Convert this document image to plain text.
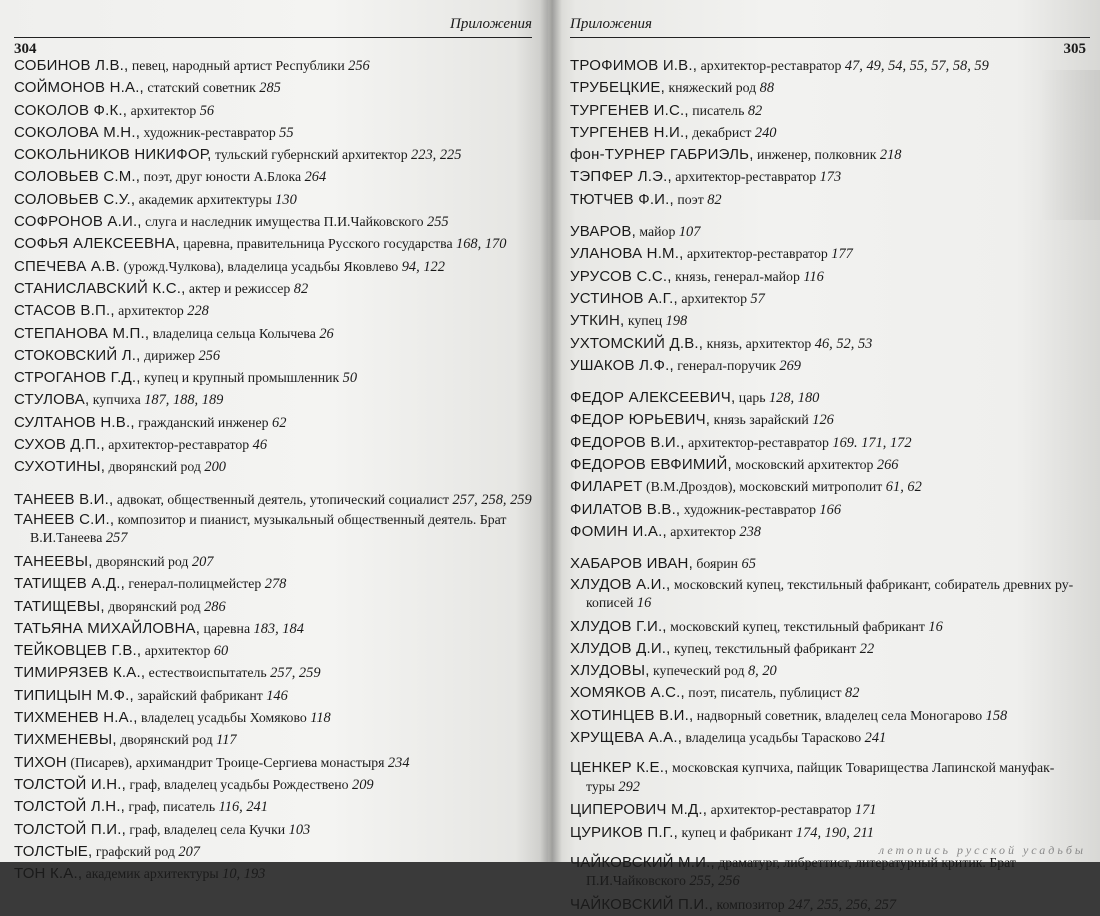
Приложения
304
СОБИНОВ Л.В., певец, народный артист Республики 256
СОЙМОНОВ Н.А., статский советник 285
СОКОЛОВ Ф.К., архитектор 56
СОКОЛОВА М.Н., художник-реставратор 55
СОКОЛЬНИКОВ НИКИФОР, тульский губернский архитектор 223, 225
СОЛОВЬЕВ С.М., поэт, друг юности А.Блока 264
СОЛОВЬЕВ С.У., академик архитектуры 130
СОФРОНОВ А.И., слуга и наследник имущества П.И.Чайковского 255
СОФЬЯ АЛЕКСЕЕВНА, царевна, правительница Русского государства 168, 170
СПЕЧЕВА А.В. (урожд.Чулкова), владелица усадьбы Яковлево 94, 122
СТАНИСЛАВСКИЙ К.С., актер и режиссер 82
СТАСОВ В.П., архитектор 228
СТЕПАНОВА М.П., владелица сельца Колычева 26
СТОКОВСКИЙ Л., дирижер 256
СТРОГАНОВ Г.Д., купец и крупный промышленник 50
СТУЛОВА, купчиха 187, 188, 189
СУЛТАНОВ Н.В., гражданский инженер 62
СУХОВ Д.П., архитектор-реставратор 46
СУХОТИНЫ, дворянский род 200
ТАНЕЕВ В.И., адвокат, общественный деятель, утопический социалист 257, 258, 259
ТАНЕЕВ С.И., композитор и пианист, музыкальный общественный деятель. Брат
В.И.Танеева 257
ТАНЕЕВЫ, дворянский род 207
ТАТИЩЕВ А.Д., генерал-полицмейстер 278
ТАТИЩЕВЫ, дворянский род 286
ТАТЬЯНА МИХАЙЛОВНА, царевна 183, 184
ТЕЙКОВЦЕВ Г.В., архитектор 60
ТИМИРЯЗЕВ К.А., естествоиспытатель 257, 259
ТИПИЦЫН М.Ф., зарайский фабрикант 146
ТИХМЕНЕВ Н.А., владелец усадьбы Хомяково 118
ТИХМЕНЕВЫ, дворянский род 117
ТИХОН (Писарев), архимандрит Троице-Сергиева монастыря 234
ТОЛСТОЙ И.Н., граф, владелец усадьбы Рождествено 209
ТОЛСТОЙ Л.Н., граф, писатель 116, 241
ТОЛСТОЙ П.И., граф, владелец села Кучки 103
ТОЛСТЫЕ, графский род 207
ТОН К.А., академик архитектуры 10, 193
Приложения
305
ТРОФИМОВ И.В., архитектор-реставратор 47, 49, 54, 55, 57, 58, 59
ТРУБЕЦКИЕ, княжеский род 88
ТУРГЕНЕВ И.С., писатель 82
ТУРГЕНЕВ Н.И., декабрист 240
фон-ТУРНЕР ГАБРИЭЛЬ, инженер, полковник 218
ТЭПФЕР Л.Э., архитектор-реставратор 173
ТЮТЧЕВ Ф.И., поэт 82
УВАРОВ, майор 107
УЛАНОВА Н.М., архитектор-реставратор 177
УРУСОВ С.С., князь, генерал-майор 116
УСТИНОВ А.Г., архитектор 57
УТКИН, купец 198
УХТОМСКИЙ Д.В., князь, архитектор 46, 52, 53
УШАКОВ Л.Ф., генерал-поручик 269
ФЕДОР АЛЕКСЕЕВИЧ, царь 128, 180
ФЕДОР ЮРЬЕВИЧ, князь зарайский 126
ФЕДОРОВ В.И., архитектор-реставратор 169. 171, 172
ФЕДОРОВ ЕВФИМИЙ, московский архитектор 266
ФИЛАРЕТ (В.М.Дроздов), московский митрополит 61, 62
ФИЛАТОВ В.В., художник-реставратор 166
ФОМИН И.А., архитектор 238
ХАБАРОВ ИВАН, боярин 65
ХЛУДОВ А.И., московский купец, текстильный фабрикант, собиратель древних ру-
кописей 16
ХЛУДОВ Г.И., московский купец, текстильный фабрикант 16
ХЛУДОВ Д.И., купец, текстильный фабрикант 22
ХЛУДОВЫ, купеческий род 8, 20
ХОМЯКОВ А.С., поэт, писатель, публицист 82
ХОТИНЦЕВ В.И., надворный советник, владелец села Моногарово 158
ХРУЩЕВА А.А., владелица усадьбы Тарасково 241
ЦЕНКЕР К.Е., московская купчиха, пайщик Товарищества Лапинской мануфак-
туры 292
ЦИПЕРОВИЧ М.Д., архитектор-реставратор 171
ЦУРИКОВ П.Г., купец и фабрикант 174, 190, 211
ЧАЙКОВСКИЙ М.И., драматург, либреттист, литературный критик. Брат
П.И.Чайковского 255, 256
ЧАЙКОВСКИЙ П.И., композитор 247, 255, 256, 257
летопись русской усадьбы
